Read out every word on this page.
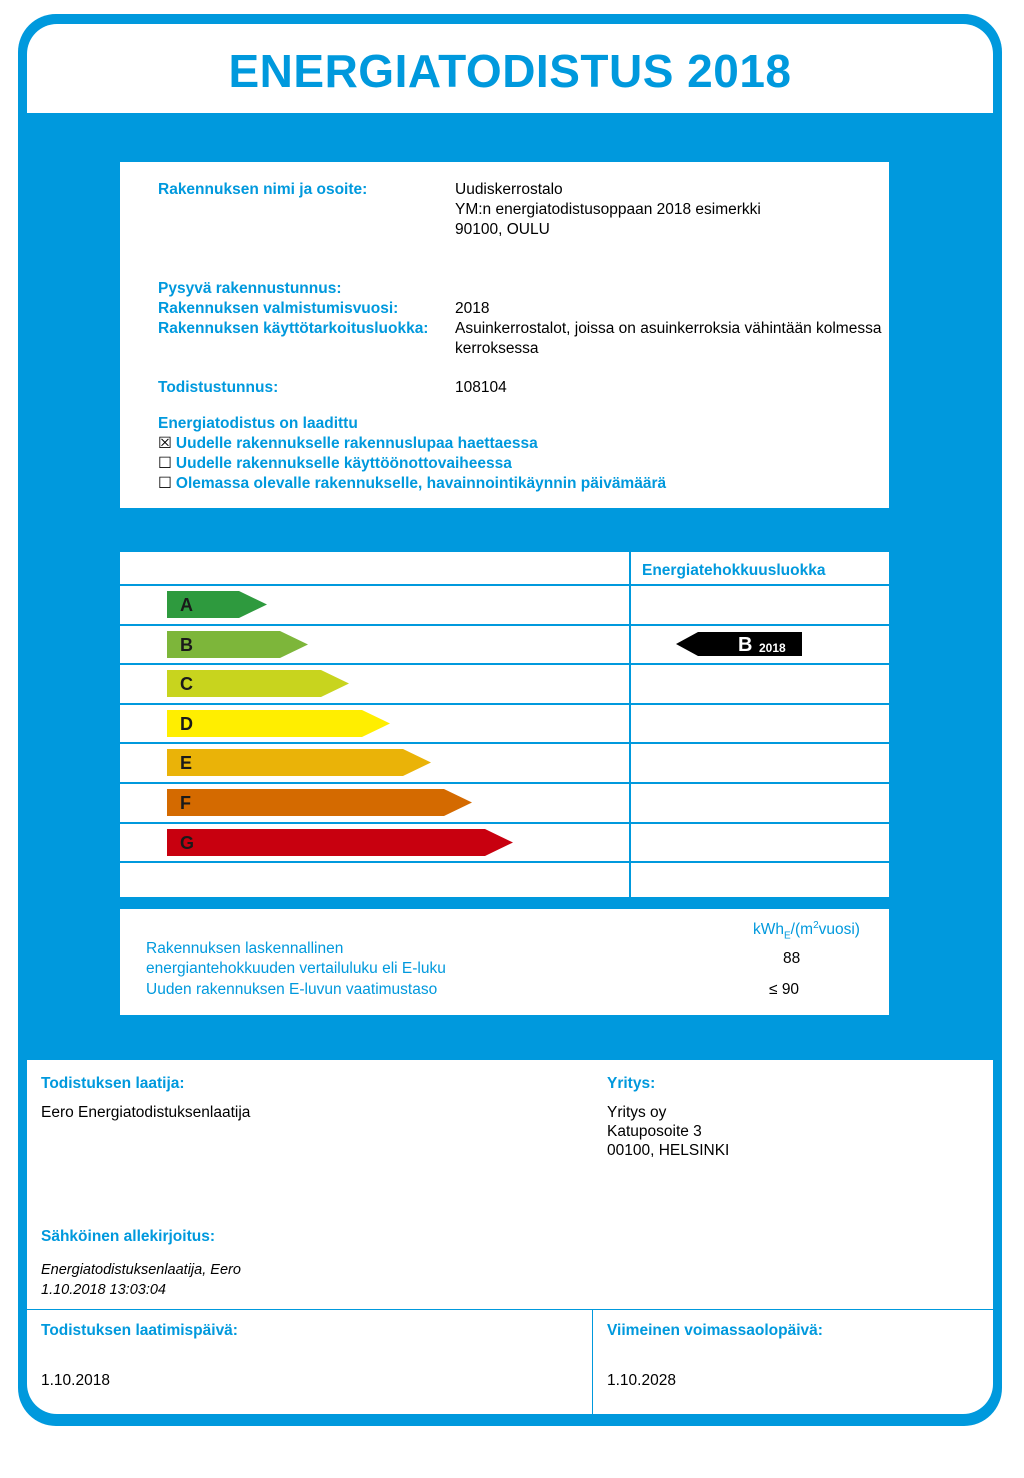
ENERGIATODISTUS 2018
Rakennuksen nimi ja osoite:	Uudiskerrostalo
YM:n energiatodistusoppaan 2018 esimerkki
90100, OULU
Pysyvä rakennustunnus:
Rakennuksen valmistumisvuosi:	2018
Rakennuksen käyttötarkoitusluokka: Asuinkerrostalot, joissa on asuinkerroksia vähintään kolmessa
kerroksessa
Todistustunnus:	108104
Energiatodistus on laadittu
☒ Uudelle rakennukselle rakennuslupaa haettaessa
☐ Uudelle rakennukselle käyttöönottovaiheessa
☐ Olemassa olevalle rakennukselle, havainnointikäynnin päivämäärä
Energiatehokkuusluokka
A
B
C
D
E
F
G
B 2018
$kWh_E/(m^2vuosi)$
Rakennuksen laskennallinen
energiantehokkuuden vertailuluku eli E-luku
88
Uuden rakennuksen E-luvun vaatimustaso	≤ 90
Todistuksen laatija:
Eero Energiatodistuksenlaatija
Yritys:
Yritys oy
Katuposoite 3
00100, HELSINKI
Sähköinen allekirjoitus:
Energiatodistuksenlaatija, Eero
1.10.2018 13:03:04
Todistuksen laatimispäivä:
1.10.2018
Viimeinen voimassaolopäivä:
1.10.2028
